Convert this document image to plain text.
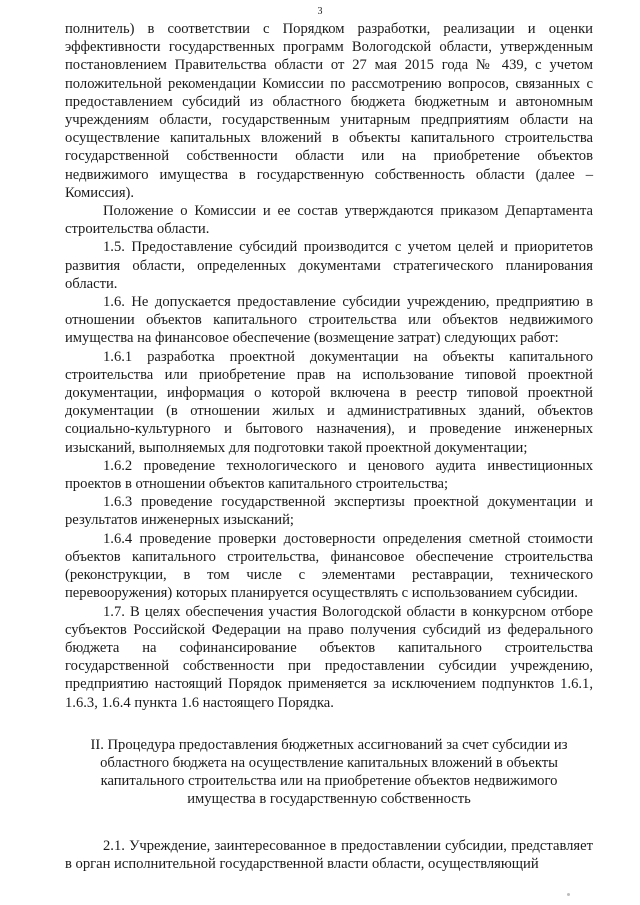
3

полнитель) в соответствии с Порядком разработки, реализации и оценки эффективности государственных программ Вологодской области, утвержденным постановлением Правительства области от 27 мая 2015 года № 439, с учетом положительной рекомендации Комиссии по рассмотрению вопросов, связанных с предоставлением субсидий из областного бюджета бюджетным и автономным учреждениям области, государственным унитарным предприятиям области на осуществление капитальных вложений в объекты капитального строительства государственной собственности области или на приобретение объектов недвижимого имущества в государственную собственность области (далее – Комиссия).

Положение о Комиссии и ее состав утверждаются приказом Департамента строительства области.

1.5. Предоставление субсидий производится с учетом целей и приоритетов развития области, определенных документами стратегического планирования области.

1.6. Не допускается предоставление субсидии учреждению, предприятию в отношении объектов капитального строительства или объектов недвижимого имущества на финансовое обеспечение (возмещение затрат) следующих работ:

1.6.1 разработка проектной документации на объекты капитального строительства или приобретение прав на использование типовой проектной документации, информация о которой включена в реестр типовой проектной документации (в отношении жилых и административных зданий, объектов социально-культурного и бытового назначения), и проведение инженерных изысканий, выполняемых для подготовки такой проектной документации;

1.6.2 проведение технологического и ценового аудита инвестиционных проектов в отношении объектов капитального строительства;

1.6.3 проведение государственной экспертизы проектной документации и результатов инженерных изысканий;

1.6.4 проведение проверки достоверности определения сметной стоимости объектов капитального строительства, финансовое обеспечение строительства (реконструкции, в том числе с элементами реставрации, технического перевооружения) которых планируется осуществлять с использованием субсидии.

1.7. В целях обеспечения участия Вологодской области в конкурсном отборе субъектов Российской Федерации на право получения субсидий из федерального бюджета на софинансирование объектов капитального строительства государственной собственности при предоставлении субсидии учреждению, предприятию настоящий Порядок применяется за исключением подпунктов 1.6.1, 1.6.3, 1.6.4 пункта 1.6 настоящего Порядка.

II. Процедура предоставления бюджетных ассигнований за счет субсидии из областного бюджета на осуществление капитальных вложений в объекты капитального строительства или на приобретение объектов недвижимого имущества в государственную собственность

2.1. Учреждение, заинтересованное в предоставлении субсидии, представляет в орган исполнительной государственной власти области, осуществляющий
